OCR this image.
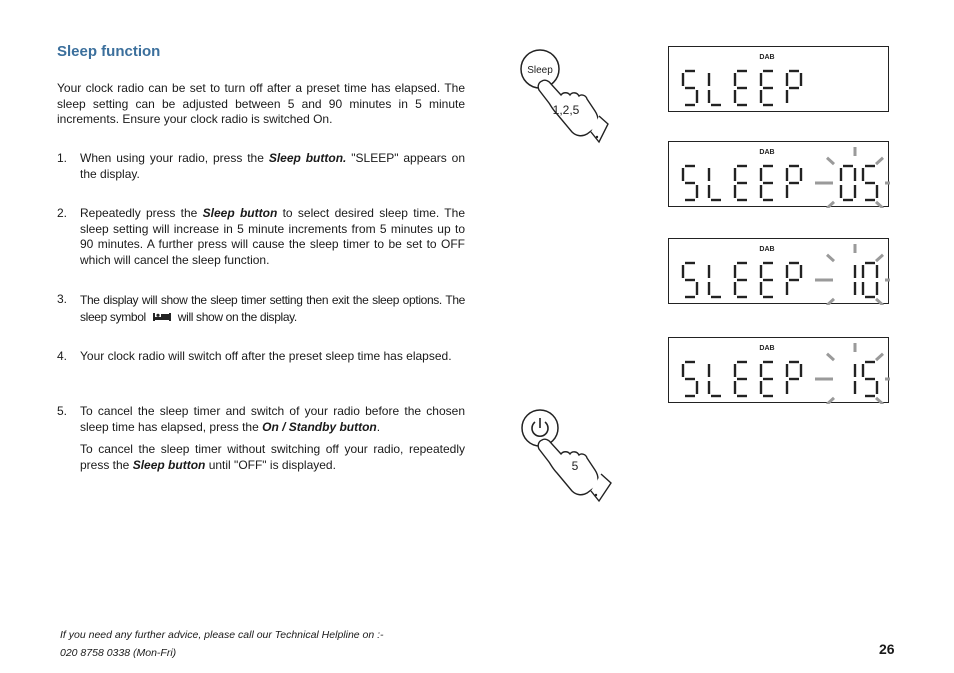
Sleep function

Your clock radio can be set to turn off after a preset time has elapsed. The sleep setting can be adjusted between 5 and 90 minutes in 5 minute increments. Ensure your clock radio is switched On.

1. When using your radio, press the Sleep button. "SLEEP" appears on the display.

2. Repeatedly press the Sleep button to select desired sleep time. The sleep setting will increase in 5 minute increments from 5 minutes up to 90 minutes. A further press will cause the sleep timer to be set to OFF which will cancel the sleep function.

3. The display will show the sleep timer setting then exit the sleep options. The sleep symbol  will show on the display.

4. Your clock radio will switch off after the preset sleep time has elapsed.

5. To cancel the sleep timer and switch of your radio before the chosen sleep time has elapsed, press the On / Standby button.

To cancel the sleep timer without switching off your radio, repeatedly press the Sleep button until "OFF" is displayed.

Sleep
1,2,5
5
DAB
DAB
DAB
DAB
If you need any further advice, please call our Technical Helpline on :-
020 8758 0338 (Mon-Fri)	26
